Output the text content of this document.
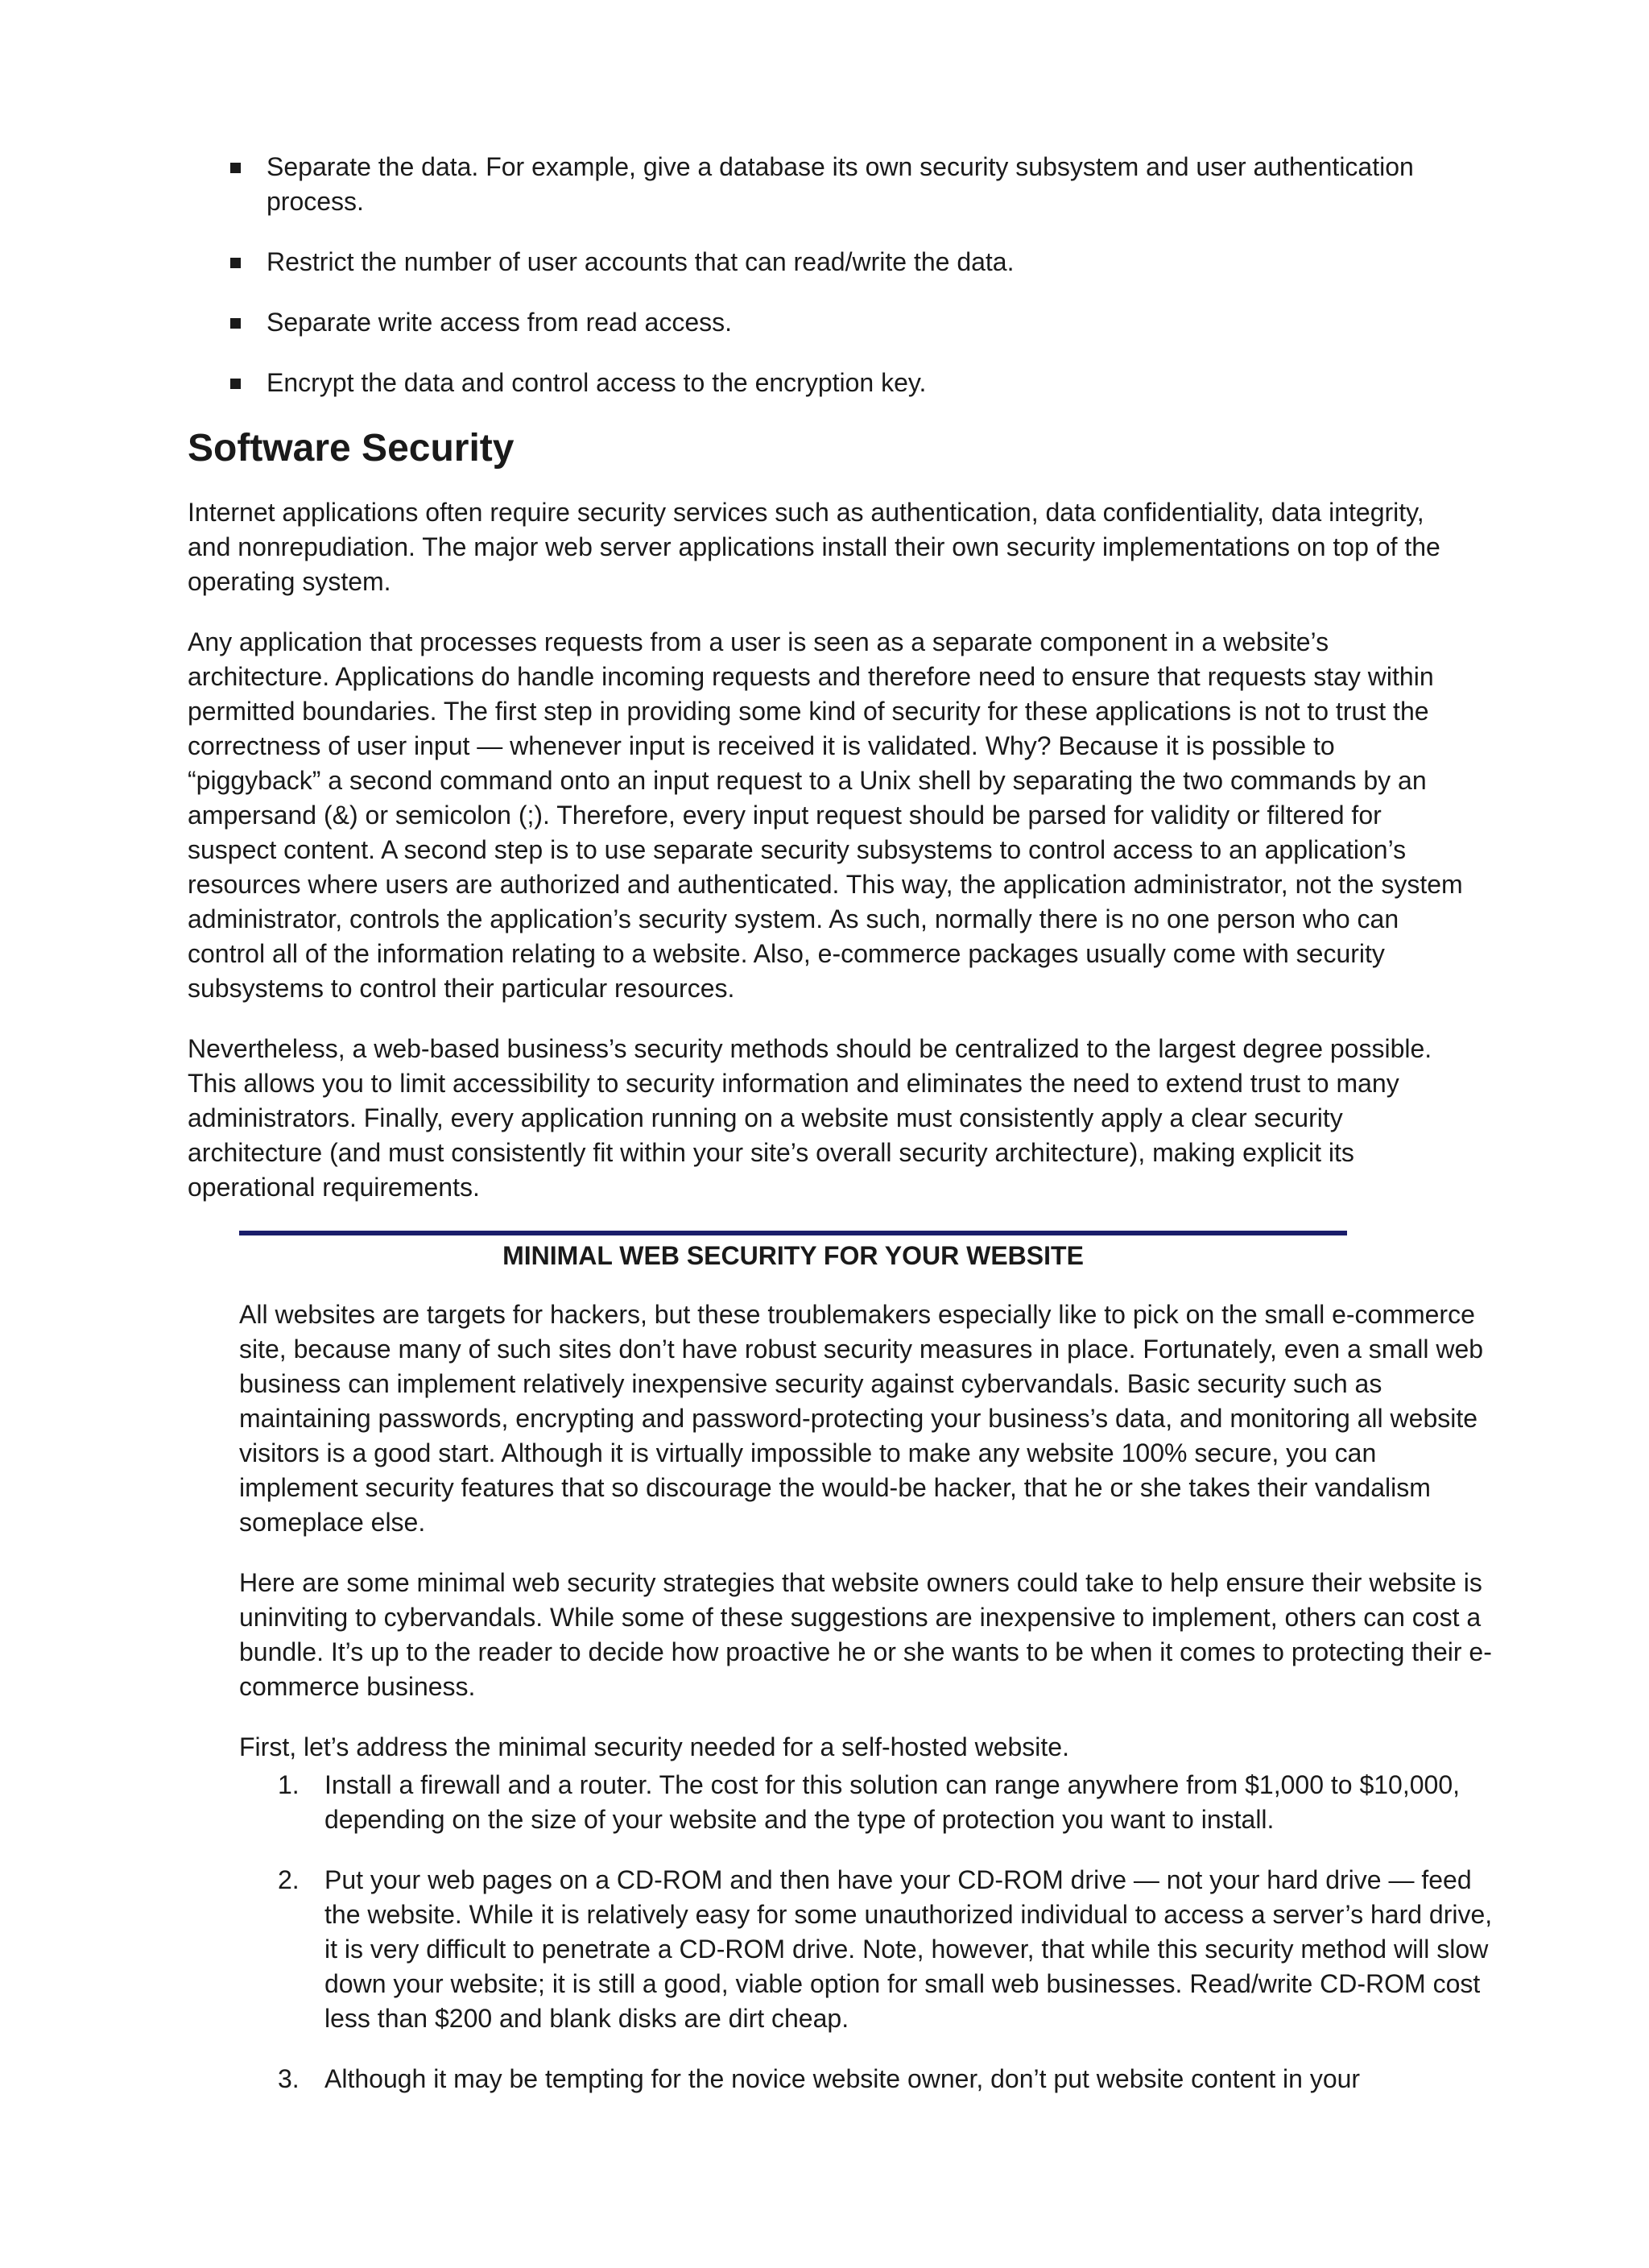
Separate the data. For example, give a database its own security subsystem and user authentication process.
Restrict the number of user accounts that can read/write the data.
Separate write access from read access.
Encrypt the data and control access to the encryption key.
Software Security

Internet applications often require security services such as authentication, data confidentiality, data integrity, and nonrepudiation. The major web server applications install their own security implementations on top of the operating system.

Any application that processes requests from a user is seen as a separate component in a website’s architecture. Applications do handle incoming requests and therefore need to ensure that requests stay within permitted boundaries. The first step in providing some kind of security for these applications is not to trust the correctness of user input — whenever input is received it is validated. Why? Because it is possible to “piggyback” a second command onto an input request to a Unix shell by separating the two commands by an ampersand (&) or semicolon (;). Therefore, every input request should be parsed for validity or filtered for suspect content. A second step is to use separate security subsystems to control access to an application’s resources where users are authorized and authenticated. This way, the application administrator, not the system administrator, controls the application’s security system. As such, normally there is no one person who can control all of the information relating to a website. Also, e-commerce packages usually come with security subsystems to control their particular resources.

Nevertheless, a web-based business’s security methods should be centralized to the largest degree possible. This allows you to limit accessibility to security information and eliminates the need to extend trust to many administrators. Finally, every application running on a website must consistently apply a clear security architecture (and must consistently fit within your site’s overall security architecture), making explicit its operational requirements.

MINIMAL WEB SECURITY FOR YOUR WEBSITE

All websites are targets for hackers, but these troublemakers especially like to pick on the small e-commerce site, because many of such sites don’t have robust security measures in place. Fortunately, even a small web business can implement relatively inexpensive security against cybervandals. Basic security such as maintaining passwords, encrypting and password-protecting your business’s data, and monitoring all website visitors is a good start. Although it is virtually impossible to make any website 100% secure, you can implement security features that so discourage the would-be hacker, that he or she takes their vandalism someplace else.

Here are some minimal web security strategies that website owners could take to help ensure their website is uninviting to cybervandals. While some of these suggestions are inexpensive to implement, others can cost a bundle. It’s up to the reader to decide how proactive he or she wants to be when it comes to protecting their e-commerce business.

First, let’s address the minimal security needed for a self-hosted website.

1. Install a firewall and a router. The cost for this solution can range anywhere from $1,000 to $10,000, depending on the size of your website and the type of protection you want to install.
2. Put your web pages on a CD-ROM and then have your CD-ROM drive — not your hard drive — feed the website. While it is relatively easy for some unauthorized individual to access a server’s hard drive, it is very difficult to penetrate a CD-ROM drive. Note, however, that while this security method will slow down your website; it is still a good, viable option for small web businesses. Read/write CD-ROM cost less than $200 and blank disks are dirt cheap.
3. Although it may be tempting for the novice website owner, don’t put website content in your
